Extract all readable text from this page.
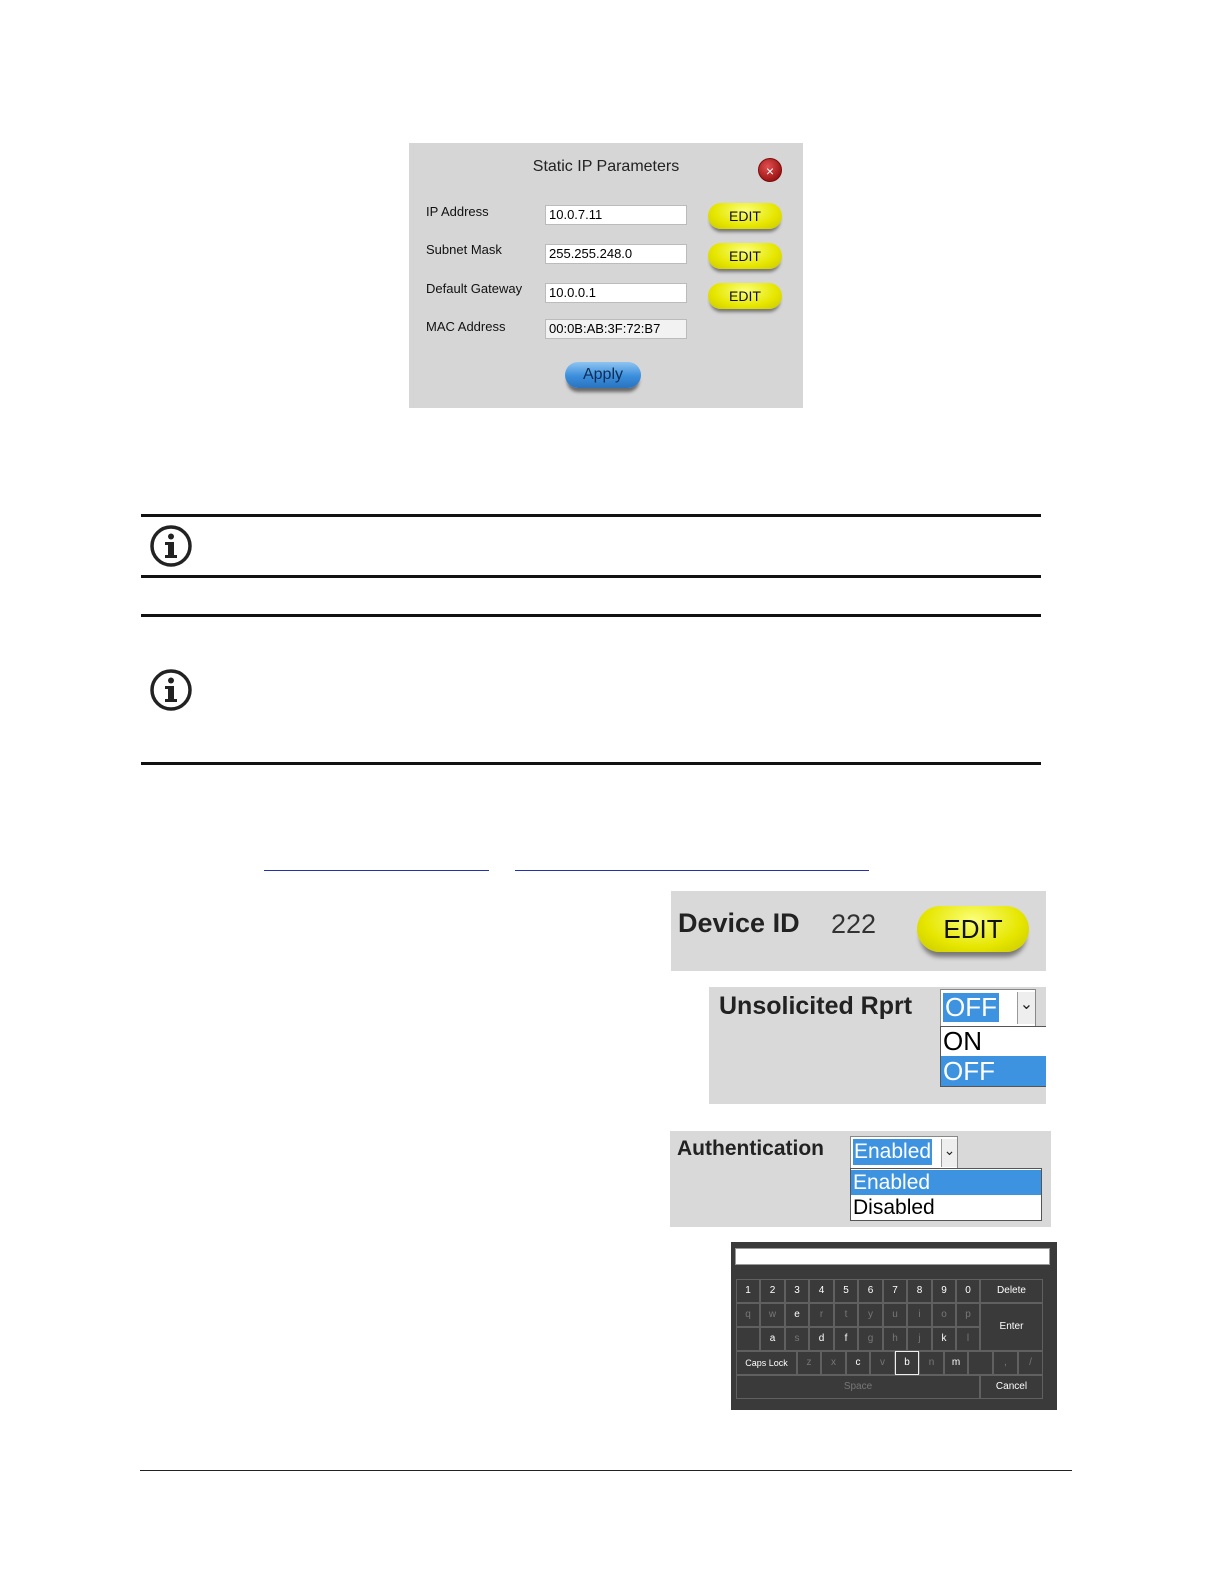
Static IP Parameters	×
IP Address	10.0.7.11	EDIT
Subnet Mask	255.255.248.0	EDIT
Default Gateway	10.0.0.1	EDIT
MAC Address	00:0B:AB:3F:72:B7
Apply
Device ID 222	EDIT
Unsolicited Rprt OFF ⌄
ON
OFF
Authentication Enabled ⌄
Enabled
Disabled
1	2	3	4	5	6	7	8	9	0	Delete
q	w	e	r	t	y	u	i	o	p
Enter
a	s	d	f	g	h	j	k	l
Caps Lock	z	x	c	v	b	n	m	,	/
Space	Cancel
